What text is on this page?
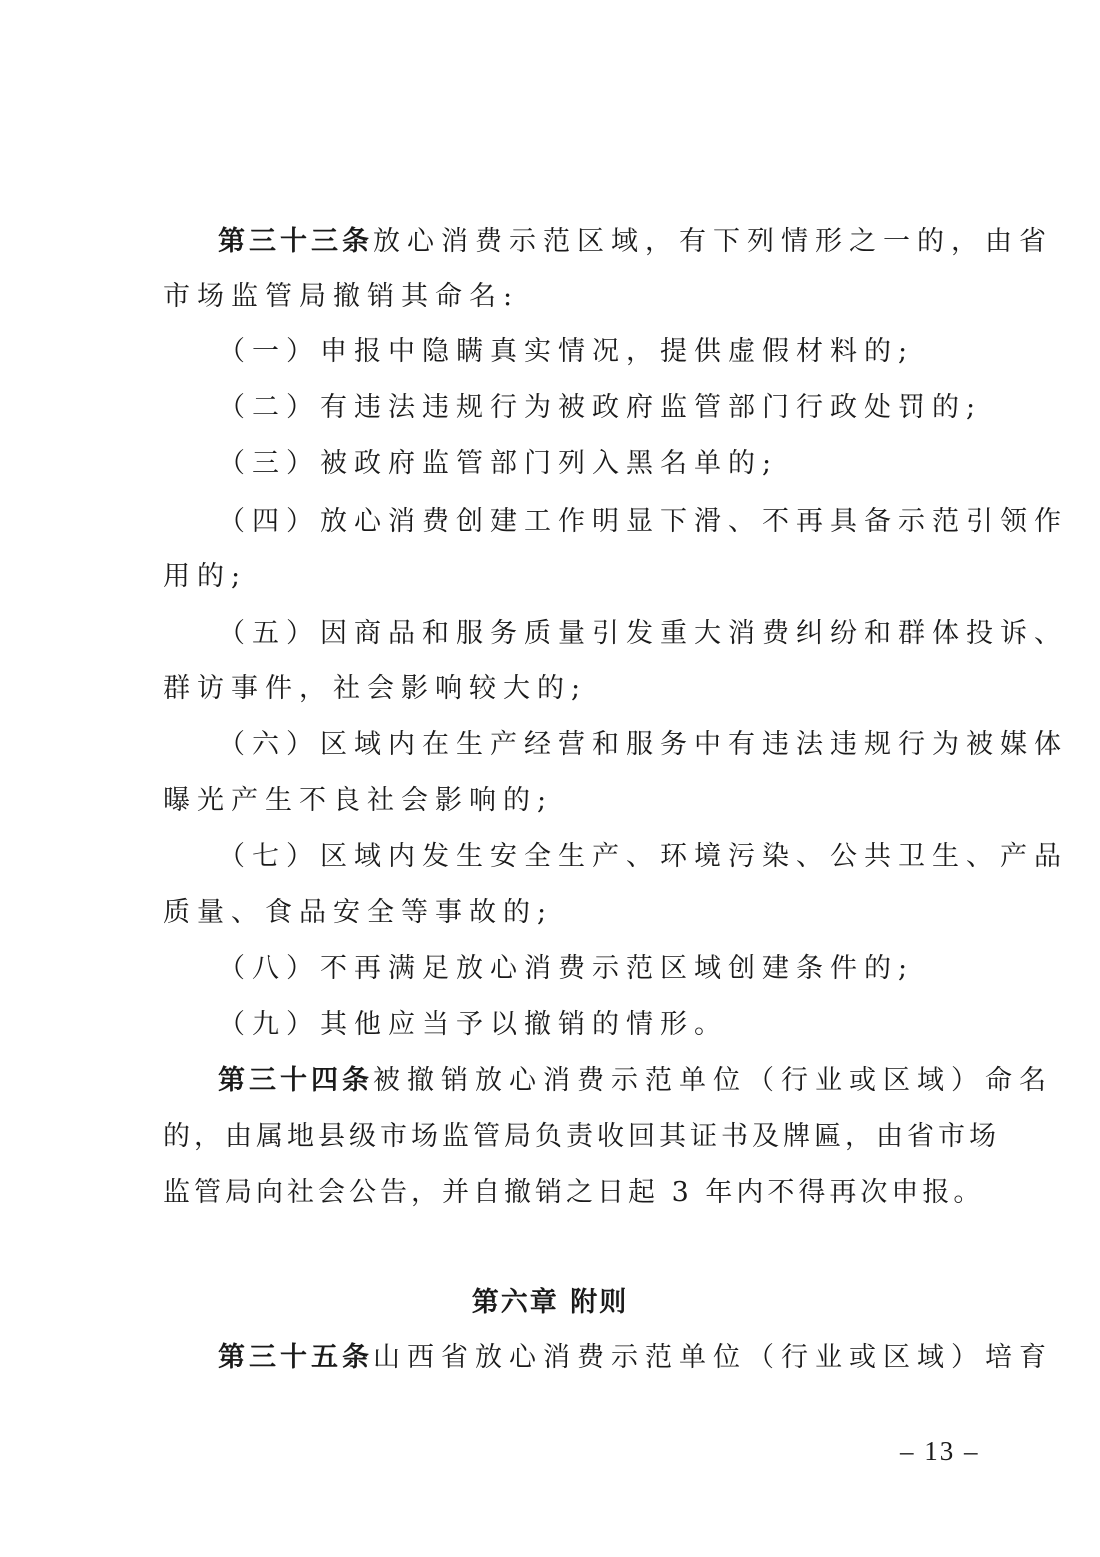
第三十三条放心消费示范区域，有下列情形之一的，由省
市场监管局撤销其命名:
（一）申报中隐瞒真实情况，提供虚假材料的;
（二）有违法违规行为被政府监管部门行政处罚的;
（三）被政府监管部门列入黑名单的;
（四）放心消费创建工作明显下滑、不再具备示范引领作
用的;
（五）因商品和服务质量引发重大消费纠纷和群体投诉、
群访事件，社会影响较大的;
（六）区域内在生产经营和服务中有违法违规行为被媒体
曝光产生不良社会影响的;
（七）区域内发生安全生产、环境污染、公共卫生、产品
质量、食品安全等事故的;
（八）不再满足放心消费示范区域创建条件的;
（九）其他应当予以撤销的情形。
第三十四条被撤销放心消费示范单位（行业或区域）命名
的，由属地县级市场监管局负责收回其证书及牌匾，由省市场
监管局向社会公告，并自撤销之日起 3 年内不得再次申报。
第六章 附则
第三十五条山西省放心消费示范单位（行业或区域）培育
– 13 –
